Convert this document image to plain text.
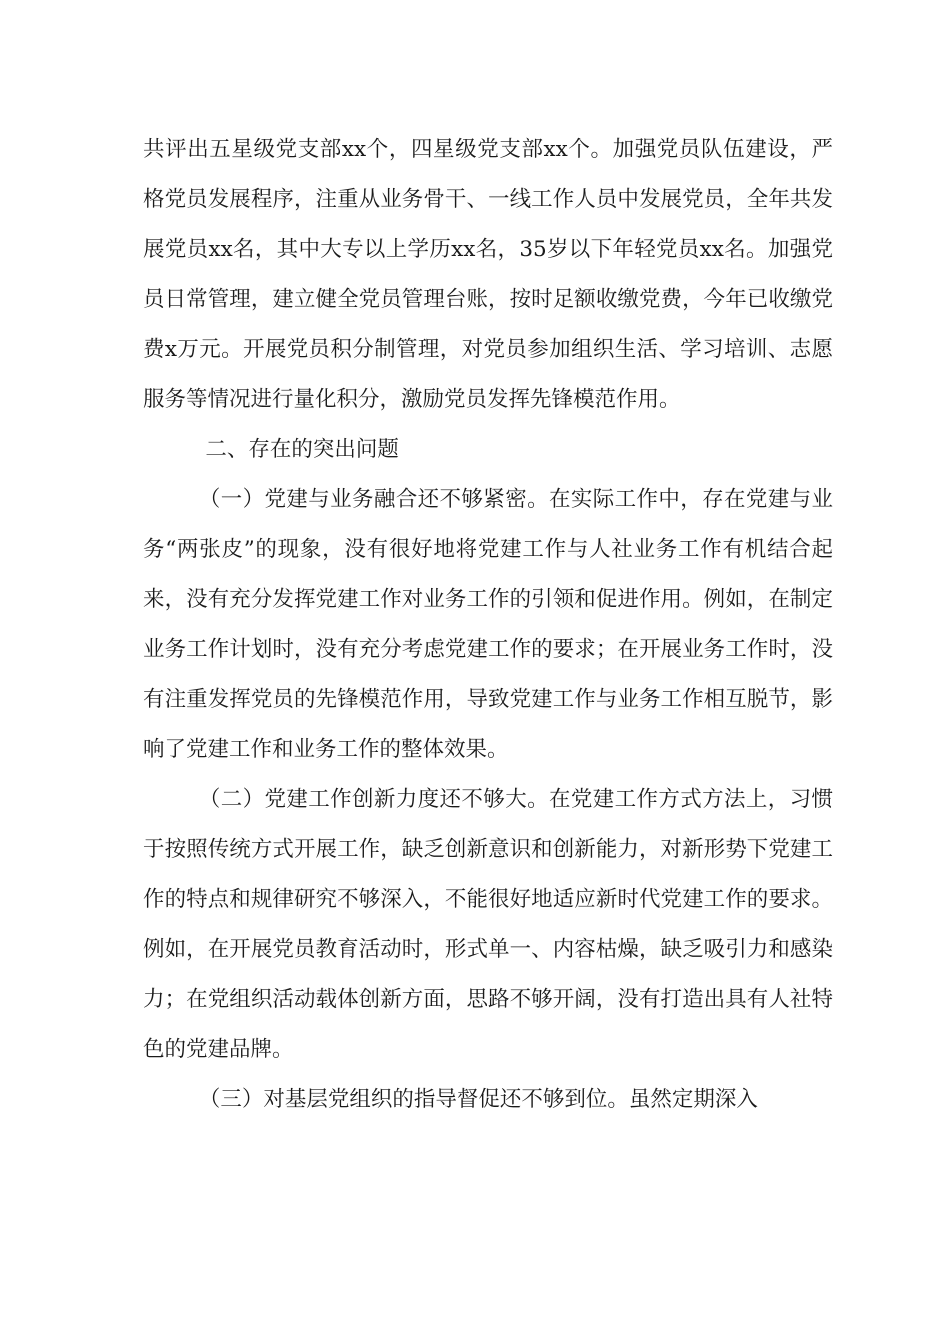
共评出五星级党支部xx个，四星级党支部xx个。加强党员队伍建设，严格党员发展程序，注重从业务骨干、一线工作人员中发展党员，全年共发展党员xx名，其中大专以上学历xx名，35岁以下年轻党员xx名。加强党员日常管理，建立健全党员管理台账，按时足额收缴党费，今年已收缴党费x万元。开展党员积分制管理，对党员参加组织生活、学习培训、志愿服务等情况进行量化积分，激励党员发挥先锋模范作用。

二、存在的突出问题

（一）党建与业务融合还不够紧密。在实际工作中，存在党建与业务“两张皮”的现象，没有很好地将党建工作与人社业务工作有机结合起来，没有充分发挥党建工作对业务工作的引领和促进作用。例如，在制定业务工作计划时，没有充分考虑党建工作的要求；在开展业务工作时，没有注重发挥党员的先锋模范作用，导致党建工作与业务工作相互脱节，影响了党建工作和业务工作的整体效果。

（二）党建工作创新力度还不够大。在党建工作方式方法上，习惯于按照传统方式开展工作，缺乏创新意识和创新能力，对新形势下党建工作的特点和规律研究不够深入，不能很好地适应新时代党建工作的要求。例如，在开展党员教育活动时，形式单一、内容枯燥，缺乏吸引力和感染力；在党组织活动载体创新方面，思路不够开阔，没有打造出具有人社特色的党建品牌。

（三）对基层党组织的指导督促还不够到位。虽然定期深入
